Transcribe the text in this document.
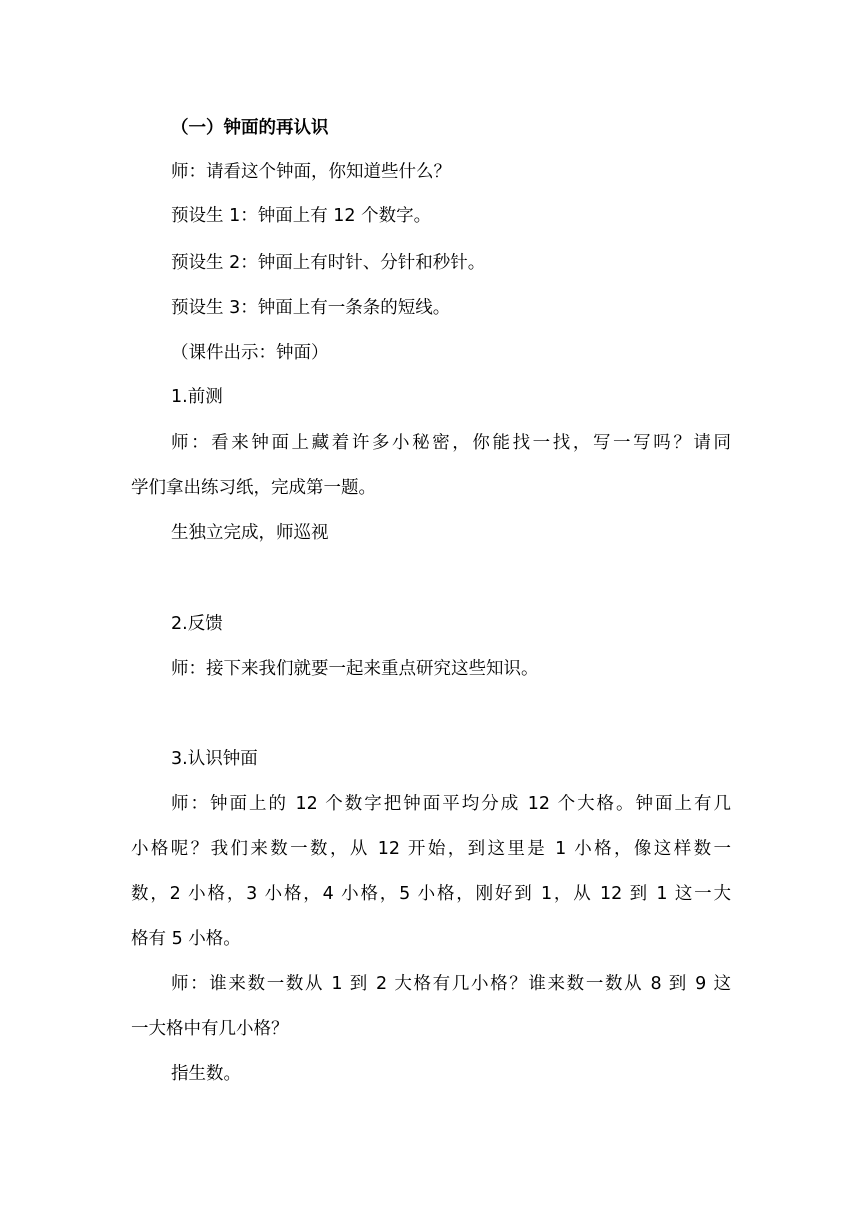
（一）钟面的再认识
师：请看这个钟面，你知道些什么？
预设生 1：钟面上有 12 个数字。
预设生 2：钟面上有时针、分针和秒针。
预设生 3：钟面上有一条条的短线。
（课件出示：钟面）
1.前测
师：看来钟面上藏着许多小秘密，你能找一找，写一写吗？请同
学们拿出练习纸，完成第一题。
生独立完成，师巡视
2.反馈
师：接下来我们就要一起来重点研究这些知识。
3.认识钟面
师：钟面上的 12 个数字把钟面平均分成 12 个大格。钟面上有几
小格呢？我们来数一数，从 12 开始，到这里是 1 小格，像这样数一
数，2 小格，3 小格，4 小格，5 小格，刚好到 1，从 12 到 1 这一大
格有 5 小格。
师：谁来数一数从 1 到 2 大格有几小格？谁来数一数从 8 到 9 这
一大格中有几小格？
指生数。
